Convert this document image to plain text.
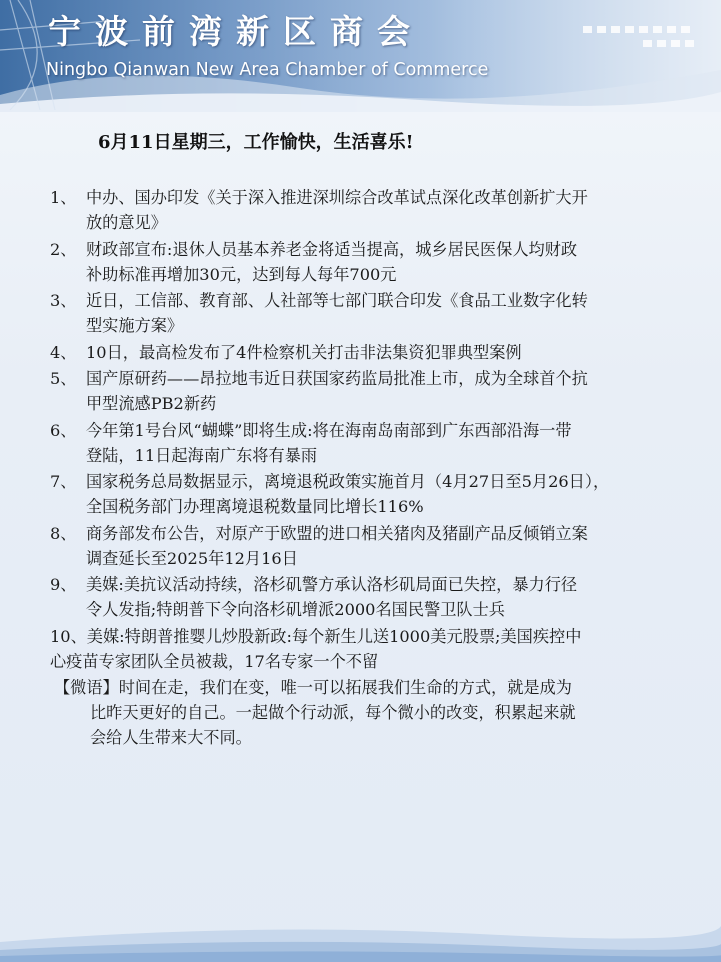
宁波前湾新区商会
Ningbo Qianwan New Area Chamber of Commerce
6月11日星期三，工作愉快，生活喜乐!
1、 中办、国办印发《关于深入推进深圳综合改革试点深化改革创新扩大开
放的意见》
2、 财政部宣布:退休人员基本养老金将适当提高，城乡居民医保人均财政
补助标准再增加30元，达到每人每年700元
3、 近日，工信部、教育部、人社部等七部门联合印发《食品工业数字化转
型实施方案》
4、 10日，最高检发布了4件检察机关打击非法集资犯罪典型案例
5、 国产原研药——昂拉地韦近日获国家药监局批准上市，成为全球首个抗
甲型流感PB2新药
6、 今年第1号台风“蝴蝶”即将生成:将在海南岛南部到广东西部沿海一带
登陆，11日起海南广东将有暴雨
7、 国家税务总局数据显示，离境退税政策实施首月（4月27日至5月26日），
全国税务部门办理离境退税数量同比增长116%
8、 商务部发布公告，对原产于欧盟的进口相关猪肉及猪副产品反倾销立案
调查延长至2025年12月16日
9、 美媒:美抗议活动持续，洛杉矶警方承认洛杉矶局面已失控，暴力行径
令人发指;特朗普下令向洛杉矶增派2000名国民警卫队士兵
10、美媒:特朗普推婴儿炒股新政:每个新生儿送1000美元股票;美国疾控中
心疫苗专家团队全员被裁，17名专家一个不留
【微语】时间在走，我们在变，唯一可以拓展我们生命的方式，就是成为
比昨天更好的自己。一起做个行动派，每个微小的改变，积累起来就
会给人生带来大不同。
